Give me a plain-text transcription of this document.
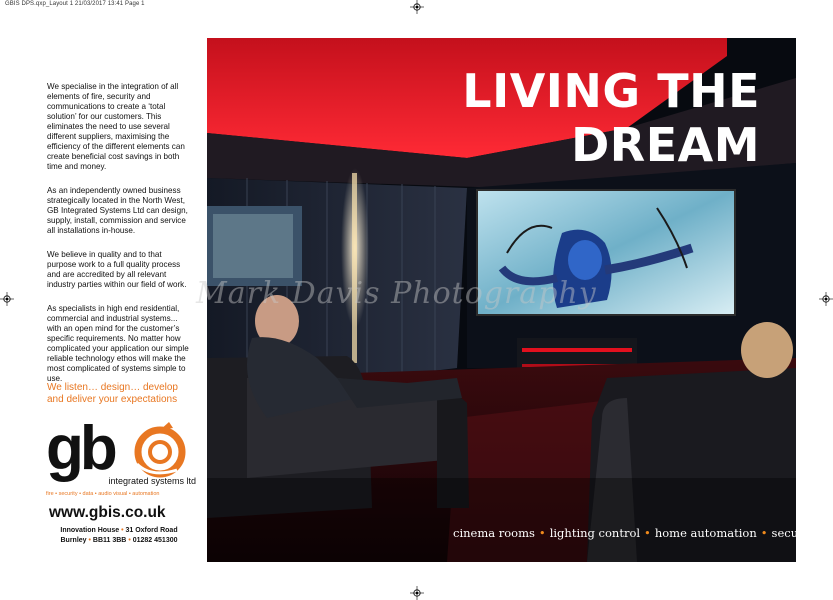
GBIS DPS.qxp_Layout 1 21/03/2017 13:41 Page 1

We specialise in the integration of all elements of fire, security and communications to create a ‘total solution’ for our customers. This eliminates the need to use several different suppliers, maximising the efficiency of the different elements can create beneficial cost savings in both time and money.

As an independently owned business strategically located in the North West, GB Integrated Systems Ltd can design, supply, install, commission and service all installations in-house.

We believe in quality and to that purpose work to a full quality process and are accredited by all relevant industry parties within our field of work.

As specialists in high end residential, commercial and industrial systems... with an open mind for the customer’s specific requirements. No matter how complicated your application our simple reliable technology ethos will make the most complicated of systems simple to use.

We listen… design… develop and deliver your expectations
gb
integrated systems ltd
fire • security • data • audio visual • automation
www.gbis.co.uk
Innovation House • 31 Oxford Road
Burnley • BB11 3BB • 01282 451300
LIVING THE
DREAM
cinema rooms • lighting control • home automation • security
Mark Davis Photography
